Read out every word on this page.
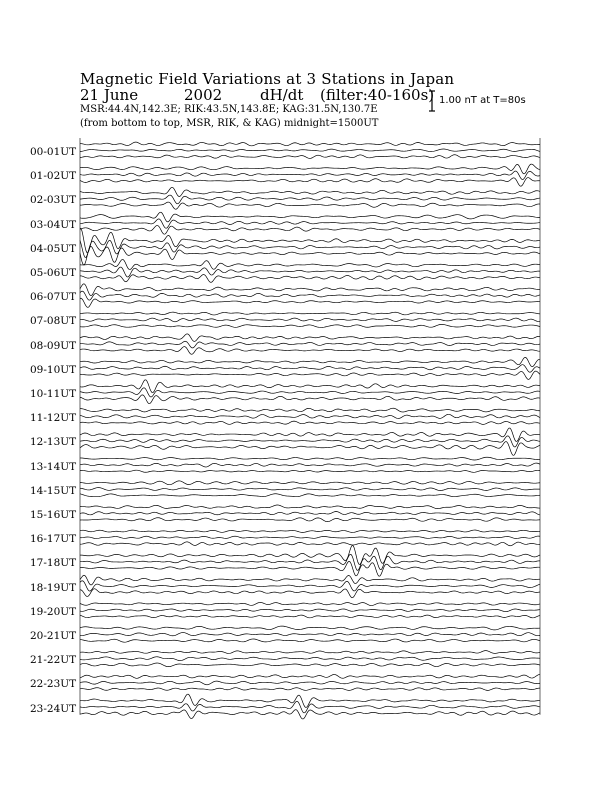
Magnetic Field Variations at 3 Stations in Japan
21 June	2002	dH/dt (filter:40-160s)
MSR:44.4N,142.3E; RIK:43.5N,143.8E; KAG:31.5N,130.7E
(from bottom to top, MSR, RIK, & KAG) midnight=1500UT
1.00 nT at T=80s
00-01UT
01-02UT
02-03UT
03-04UT
04-05UT
05-06UT
06-07UT
07-08UT
08-09UT
09-10UT
10-11UT
11-12UT
12-13UT
13-14UT
14-15UT
15-16UT
16-17UT
17-18UT
18-19UT
19-20UT
20-21UT
21-22UT
22-23UT
23-24UT
